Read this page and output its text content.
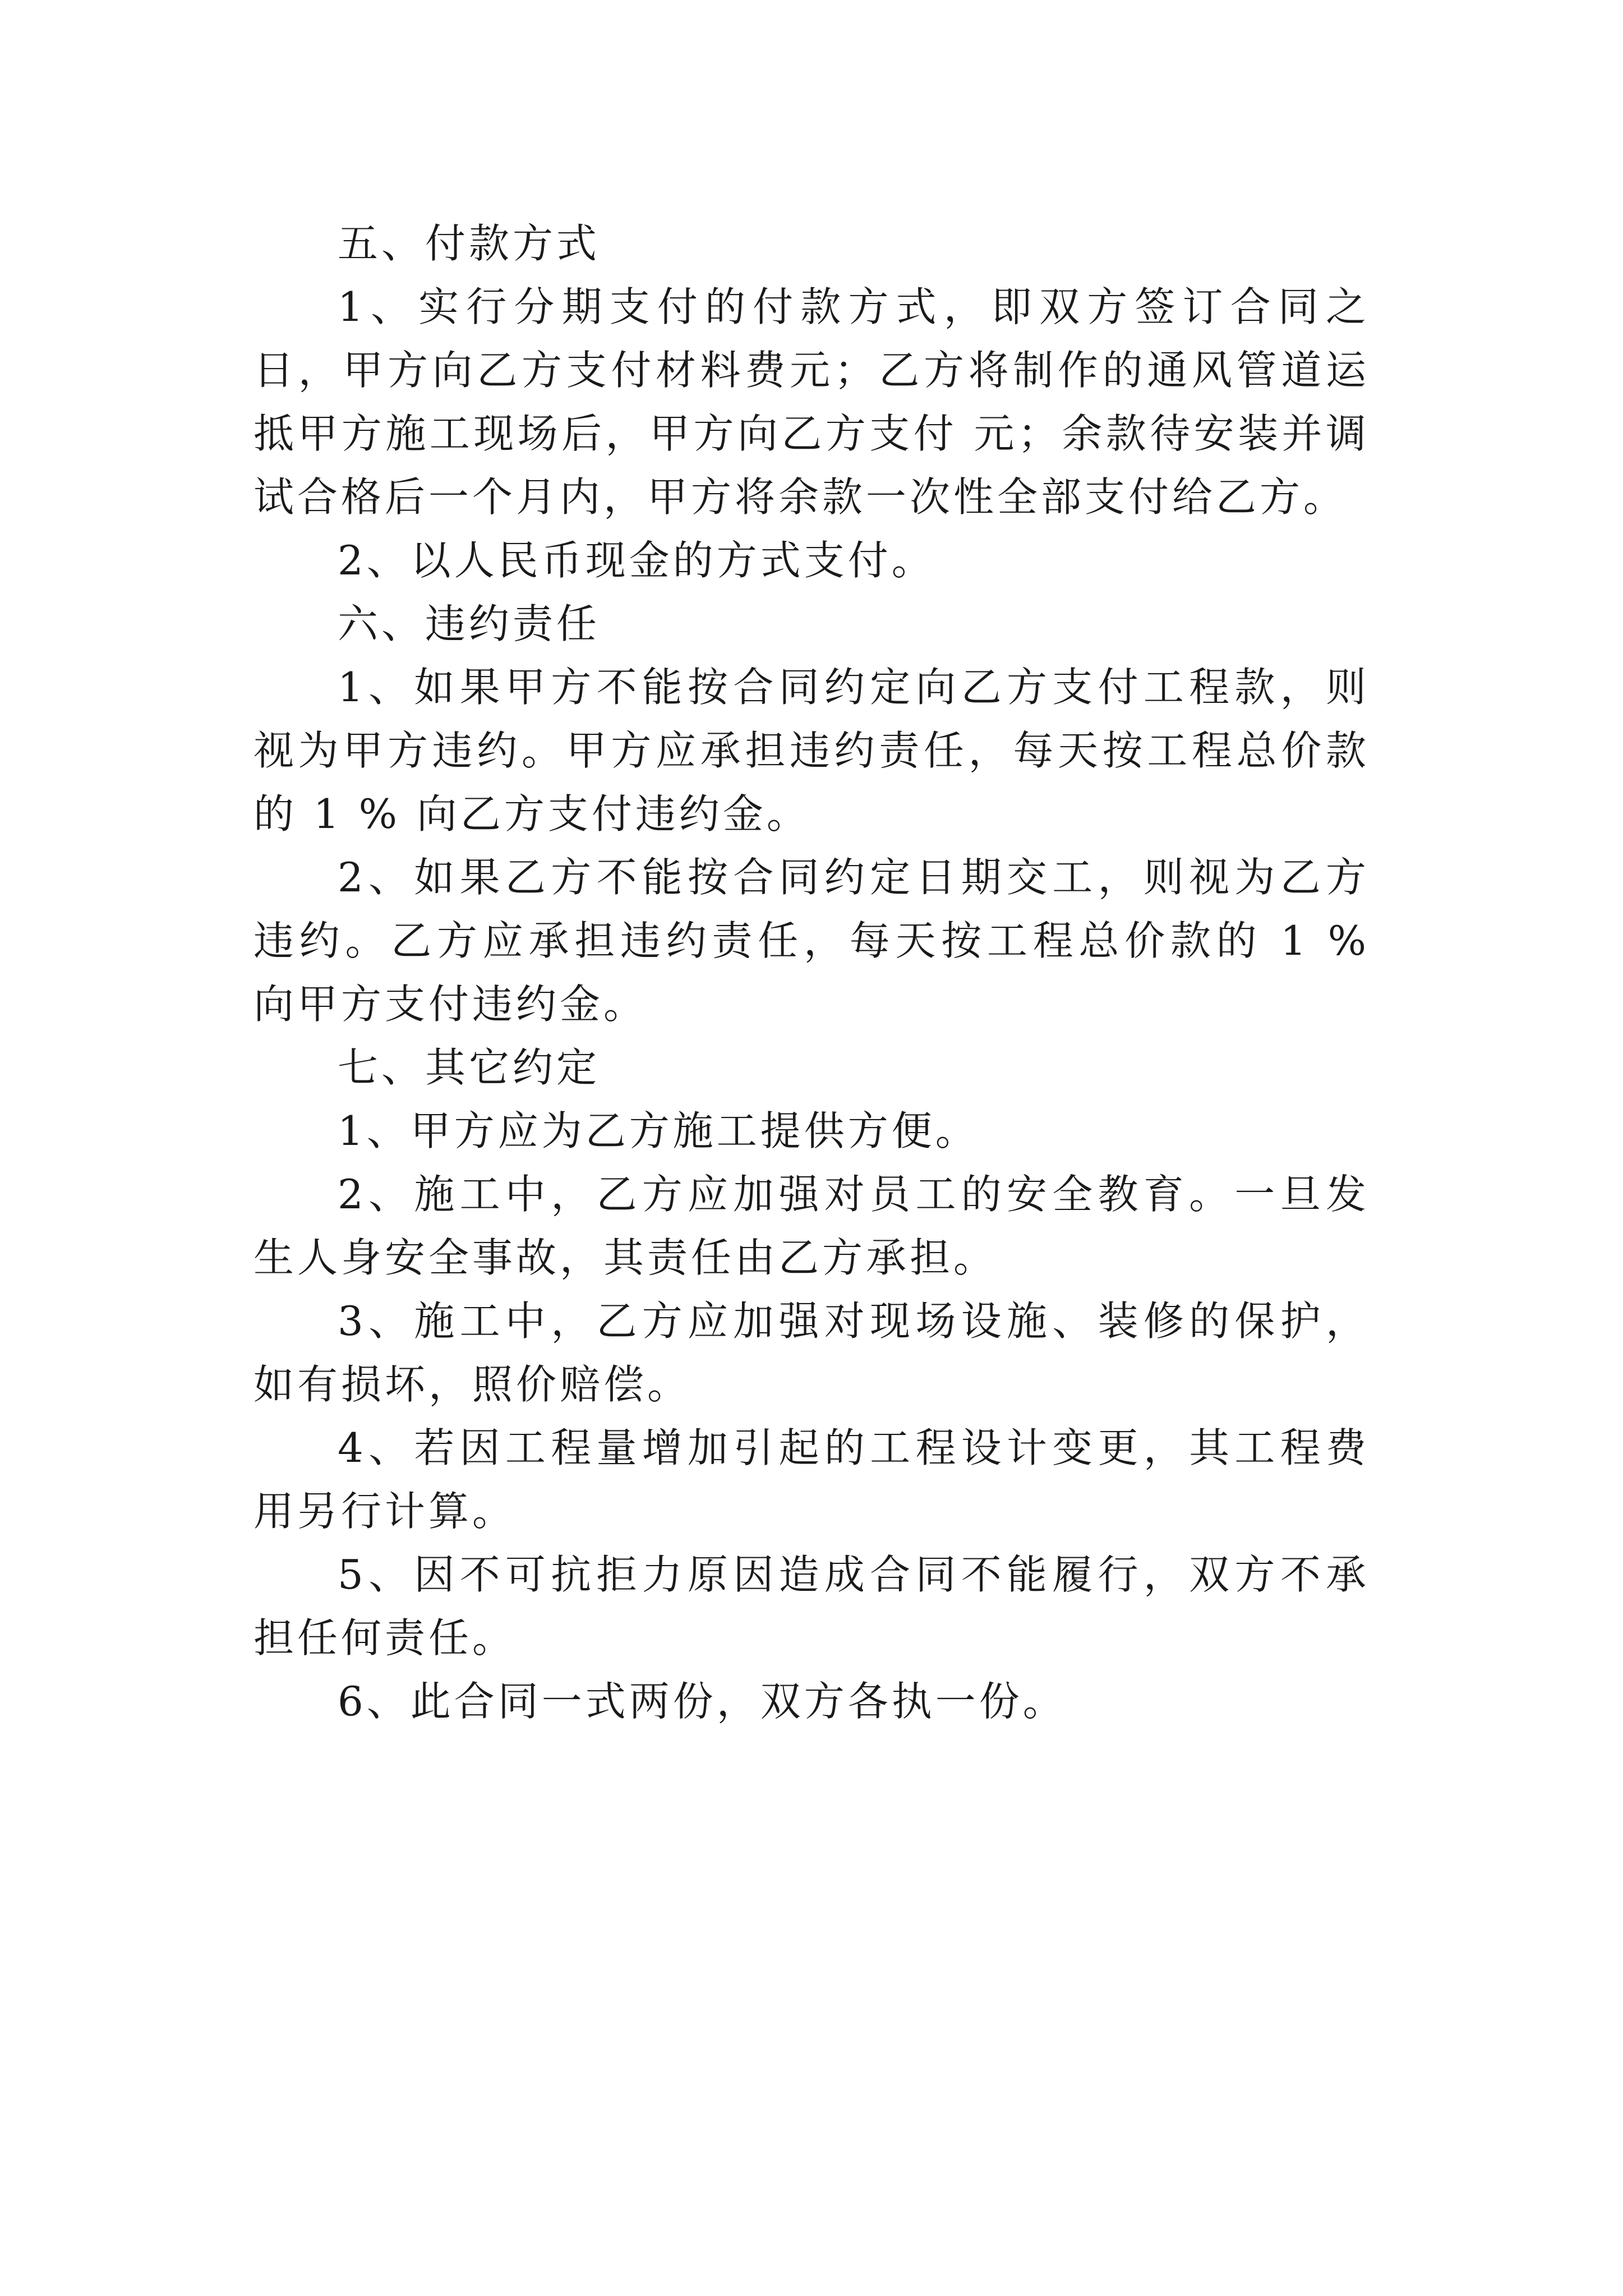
五、付款方式

1、实行分期支付的付款方式，即双方签订合同之日，甲方向乙方支付材料费元；乙方将制作的通风管道运抵甲方施工现场后，甲方向乙方支付 元；余款待安装并调试合格后一个月内，甲方将余款一次性全部支付给乙方。

2、以人民币现金的方式支付。

六、违约责任

1、如果甲方不能按合同约定向乙方支付工程款，则视为甲方违约。甲方应承担违约责任，每天按工程总价款的 1 % 向乙方支付违约金。

2、如果乙方不能按合同约定日期交工，则视为乙方违约。乙方应承担违约责任，每天按工程总价款的 1 % 向甲方支付违约金。

七、其它约定

1、甲方应为乙方施工提供方便。

2、施工中，乙方应加强对员工的安全教育。一旦发生人身安全事故，其责任由乙方承担。

3、施工中，乙方应加强对现场设施、装修的保护，如有损坏，照价赔偿。

4、若因工程量增加引起的工程设计变更，其工程费用另行计算。

5、因不可抗拒力原因造成合同不能履行，双方不承担任何责任。

6、此合同一式两份，双方各执一份。
